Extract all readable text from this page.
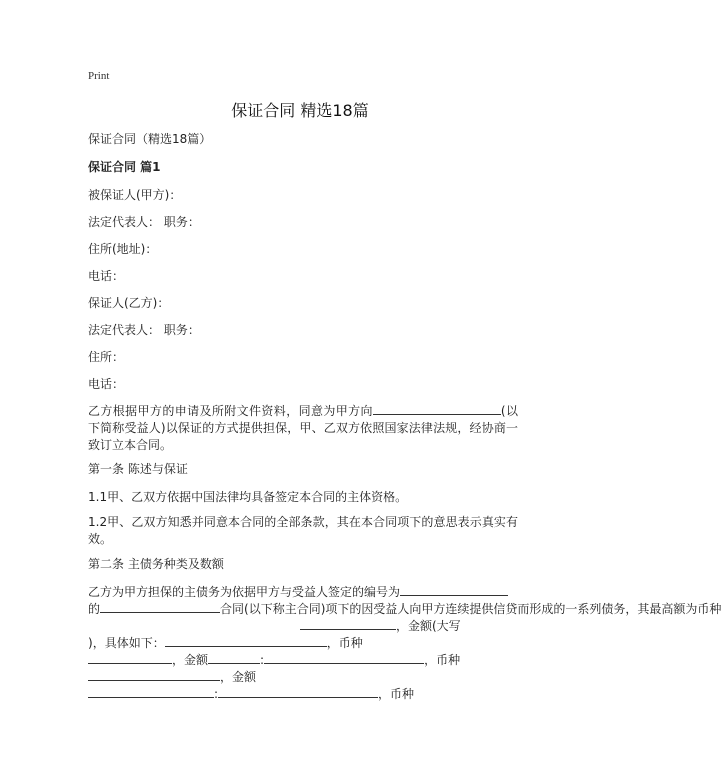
Print
保证合同 精选18篇
保证合同（精选18篇）
保证合同 篇1
被保证人(甲方)：
法定代表人： 职务：
住所(地址)：
电话：
保证人(乙方)：
法定代表人： 职务：
住所：
电话：
乙方根据甲方的申请及所附文件资料，同意为甲方向	(以下简称受益人)以保证的方式提供担保，甲、乙双方依照国家法律法规，经协商一致订立本合同。
第一条 陈述与保证
1.1甲、乙双方依据中国法律均具备签定本合同的主体资格。
1.2甲、乙双方知悉并同意本合同的全部条款，其在本合同项下的意思表示真实有效。
第二条 主债务种类及数额
乙方为甲方担保的主债务为依据甲方与受益人签定的编号为
的	合同(以下称主合同)项下的因受益人向甲方连续提供信贷而形成的一系列债务，其最高额为币种
)，具体如下：	，币种
，金额	:	，币种
，金额
:	，币种
，金额(大写
